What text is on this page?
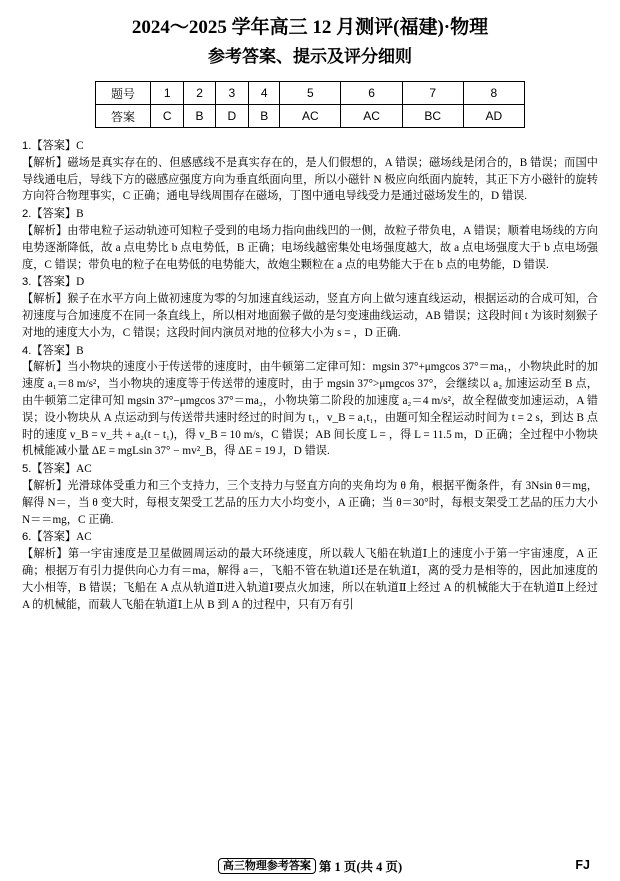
2024～2025 学年高三 12 月测评(福建)·物理
参考答案、提示及评分细则
题号	1	2	3	4	5	6	7	8
答案	C	B	D	B	AC	AC	BC	AD
1.【答案】C
【解析】磁场是真实存在的、但感感线不是真实存在的，是人们假想的，A 错误；磁场线是闭合的，B 错误；而国中导线通电后，导线下方的磁感应强度方向为垂直纸面向里，所以小磁针 N 极应向纸面内旋转，其正下方小磁针的旋转方向符合物理事实，C 正确；通电导线周围存在磁场，丁图中通电导线受力是通过磁场发生的，D 错误.
2.【答案】B
【解析】由带电粒子运动轨迹可知粒子受到的电场力指向曲线凹的一侧，故粒子带负电，A 错误；顺着电场线的方向电势逐渐降低，故 a 点电势比 b 点电势低，B 正确；电场线越密集处电场强度越大，故 a 点电场强度大于 b 点电场强度，C 错误；带负电的粒子在电势低的电势能大，故炮尘颗粒在 a 点的电势能大于在 b 点的电势能，D 错误.
3.【答案】D
【解析】猴子在水平方向上做初速度为零的匀加速直线运动，竖直方向上做匀速直线运动，根据运动的合成可知，合初速度与合加速度不在同一条直线上，所以相对地面猴子做的是匀变速曲线运动，AB 错误；这段时间 t 为该时刻猴子对地的速度大小为，C 错误；这段时间内演员对地的位移大小为 s = ，D 正确.
4.【答案】B
【解析】当小物块的速度小于传送带的速度时，由牛顿第二定律可知：mgsin 37°+μmgcos 37°＝ma₁，小物块此时的加速度 a₁＝8 m/s²，当小物块的速度等于传送带的速度时，由于 mgsin 37°>μmgcos 37°，会继续以 a₂ 加速运动至 B 点，由牛顿第二定律可知 mgsin 37°−μmgcos 37°＝ma₂，小物块第二阶段的加速度 a₂＝4 m/s²，故全程做变加速运动，A 错误；设小物块从 A 点运动到与传送带共速时经过的时间为 t₁，v_B = a₁t₁，由题可知全程运动时间为 t = 2 s，到达 B 点时的速度 v_B = v_共 + a₂(t − t₁)，得 v_B = 10 m/s，C 错误；AB 间长度 L = ，得 L = 11.5 m，D 正确；全过程中小物块机械能减小量 ΔE = mgLsin 37° − mv²_B，得 ΔE = 19 J，D 错误.
5.【答案】AC
【解析】光滑球体受重力和三个支持力，三个支持力与竖直方向的夹角均为 θ 角，根据平衡条件，有 3Nsin θ＝mg，解得 N＝，当 θ 变大时，每根支架受工艺品的压力大小均变小，A 正确；当 θ＝30°时，每根支架受工艺品的压力大小 N＝＝mg，C 正确.
6.【答案】AC
【解析】第一宇宙速度是卫星做圆周运动的最大环绕速度，所以载人飞船在轨道Ⅰ上的速度小于第一宇宙速度，A 正确；根据万有引力提供向心力有＝ma，解得 a＝，飞船不管在轨道Ⅰ还是在轨道Ⅰ，离的受力是相等的，因此加速度的大小相等，B 错误；飞船在 A 点从轨道Ⅱ进入轨道Ⅰ要点火加速，所以在轨道Ⅱ上经过 A 的机械能大于在轨道Ⅱ上经过 A 的机械能，而载人飞船在轨道Ⅰ上从 B 到 A 的过程中，只有万有引
高三物理参考答案 第 1 页(共 4 页)	FJ
